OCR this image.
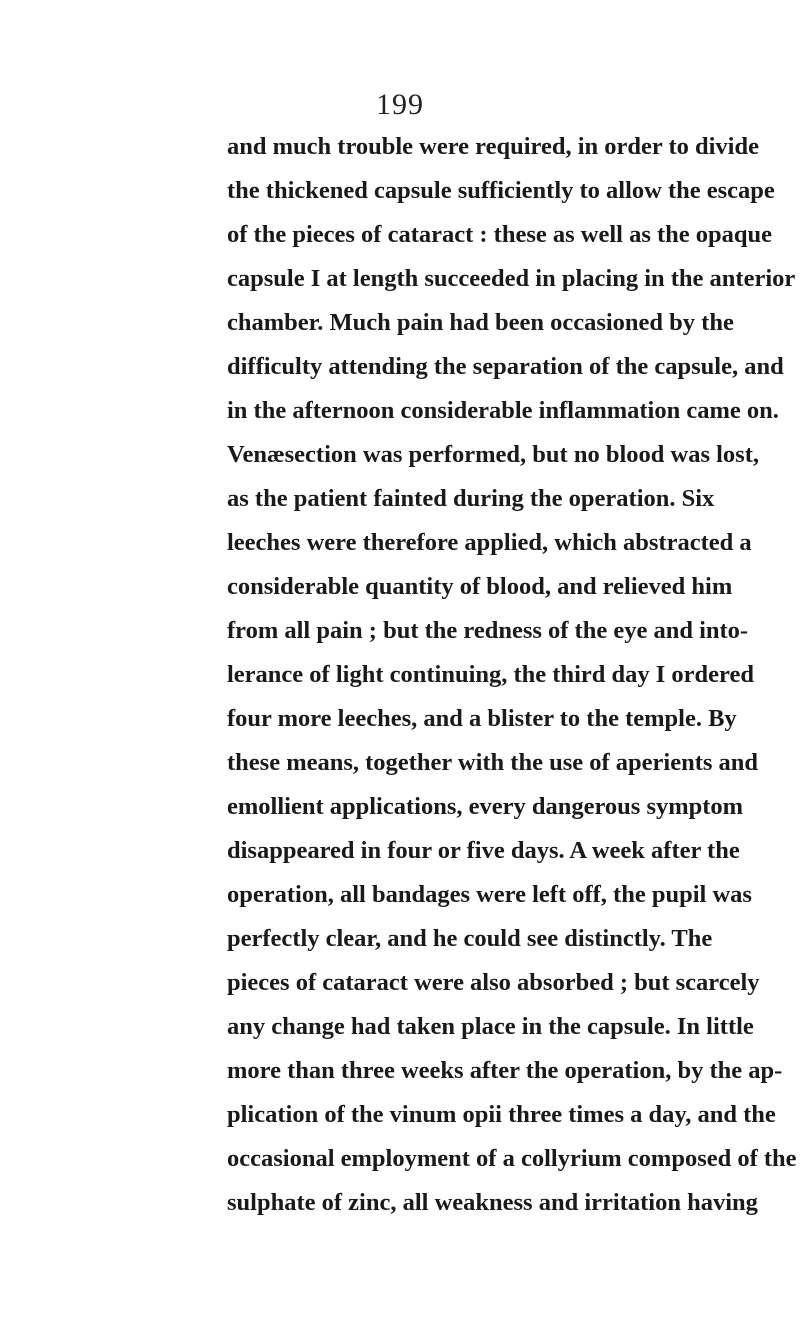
199
and much trouble were required, in order to divide
the thickened capsule sufficiently to allow the escape
of the pieces of cataract : these as well as the opaque
capsule I at length succeeded in placing in the anterior
chamber. Much pain had been occasioned by the
difficulty attending the separation of the capsule, and
in the afternoon considerable inflammation came on.
Venæsection was performed, but no blood was lost,
as the patient fainted during the operation. Six
leeches were therefore applied, which abstracted a
considerable quantity of blood, and relieved him
from all pain ; but the redness of the eye and into-
lerance of light continuing, the third day I ordered
four more leeches, and a blister to the temple. By
these means, together with the use of aperients and
emollient applications, every dangerous symptom
disappeared in four or five days. A week after the
operation, all bandages were left off, the pupil was
perfectly clear, and he could see distinctly. The
pieces of cataract were also absorbed ; but scarcely
any change had taken place in the capsule. In little
more than three weeks after the operation, by the ap-
plication of the vinum opii three times a day, and the
occasional employment of a collyrium composed of the
sulphate of zinc, all weakness and irritation having
